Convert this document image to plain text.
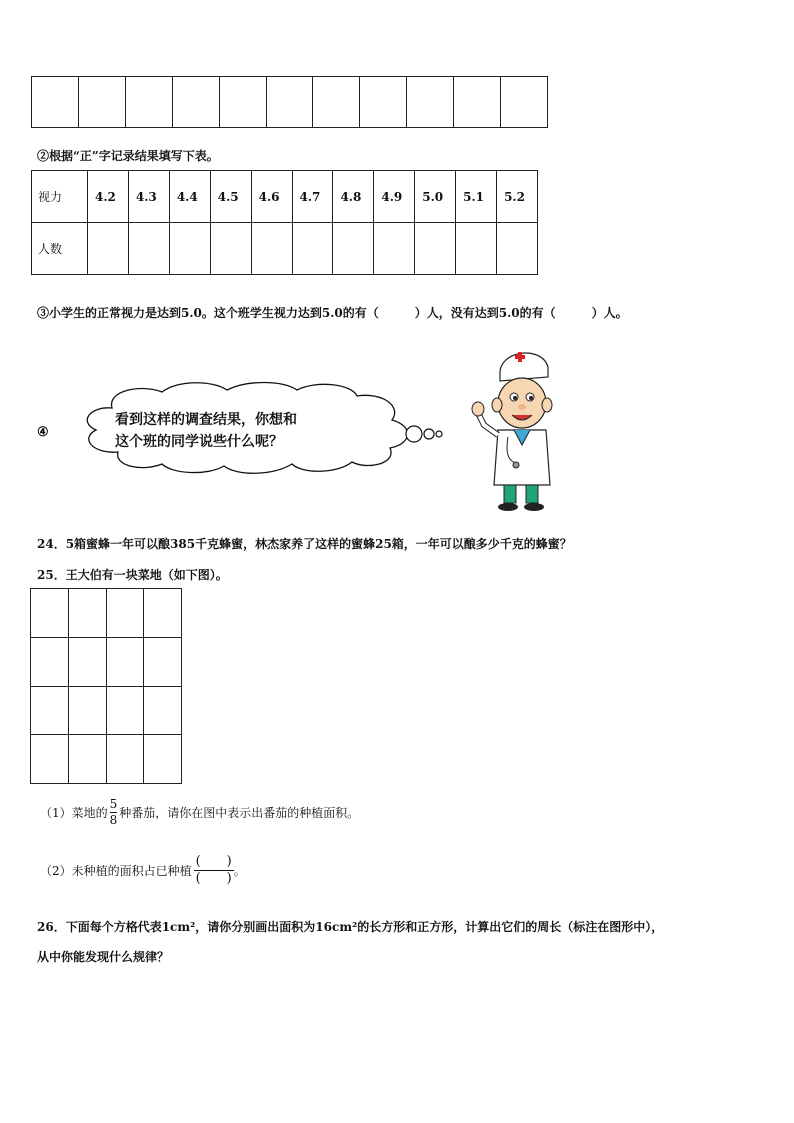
②根据“正”字记录结果填写下表。
视力	4.2	4.3	4.4	4.5	4.6	4.7	4.8	4.9	5.0	5.1	5.2
人数											
③小学生的正常视力是达到5.0。这个班学生视力达到5.0的有（　　　）人，没有达到5.0的有（　　　）人。
④
看到这样的调查结果，你想和
这个班的同学说些什么呢？
24．5箱蜜蜂一年可以酿385千克蜂蜜，林杰家养了这样的蜜蜂25箱，一年可以酿多少千克的蜂蜜？
25．王大伯有一块菜地（如下图）。

（1）菜地的 $\frac{5}{8}$ 种番茄，请你在图中表示出番茄的种植面积。
（2）未种植的面积占已种植 $\frac{( )}{( )}$ 。
26．下面每个方格代表1cm²，请你分别画出面积为16cm²的长方形和正方形，计算出它们的周长（标注在图形中），
从中你能发现什么规律？
